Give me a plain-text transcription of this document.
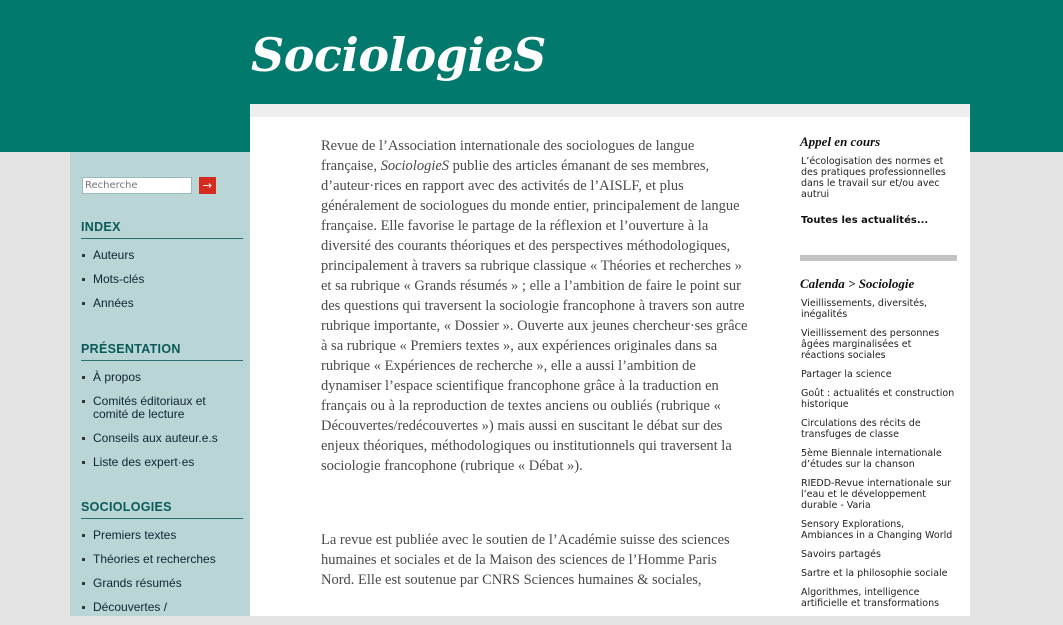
SociologieS
Recherche
→
INDEX
Auteurs
Mots-clés
Années
PRÉSENTATION
À propos
Comités éditoriaux et comité de lecture
Conseils aux auteur.e.s
Liste des expert·es
SOCIOLOGIES
Premiers textes
Théories et recherches
Grands résumés
Découvertes /

Revue de l’Association internationale des sociologues de langue française, SociologieS publie des articles émanant de ses membres, d’auteur·rices en rapport avec des activités de l’AISLF, et plus généralement de sociologues du monde entier, principalement de langue française. Elle favorise le partage de la réflexion et l’ouverture à la diversité des courants théoriques et des perspectives méthodologiques, principalement à travers sa rubrique classique « Théories et recherches » et sa rubrique « Grands résumés » ; elle a l’ambition de faire le point sur des questions qui traversent la sociologie francophone à travers son autre rubrique importante, « Dossier ». Ouverte aux jeunes chercheur·ses grâce à sa rubrique « Premiers textes », aux expériences originales dans sa rubrique « Expériences de recherche », elle a aussi l’ambition de dynamiser l’espace scientifique francophone grâce à la traduction en français ou à la reproduction de textes anciens ou oubliés (rubrique « Découvertes/redécouvertes ») mais aussi en suscitant le débat sur des enjeux théoriques, méthodologiques ou institutionnels qui traversent la sociologie francophone (rubrique « Débat »).

La revue est publiée avec le soutien de l’Académie suisse des sciences humaines et sociales et de la Maison des sciences de l’Homme Paris Nord. Elle est soutenue par CNRS Sciences humaines & sociales,

Appel en cours

L’écologisation des normes et des pratiques professionnelles dans le travail sur et/ou avec autrui

Toutes les actualités...
Calenda > Sociologie
Vieillissements, diversités, inégalités
Vieillissement des personnes âgées marginalisées et réactions sociales
Partager la science
Goût : actualités et construction historique
Circulations des récits de transfuges de classe
5ème Biennale internationale d’études sur la chanson
RIEDD-Revue internationale sur l’eau et le développement durable - Varia
Sensory Explorations, Ambiances in a Changing World
Savoirs partagés
Sartre et la philosophie sociale
Algorithmes, intelligence artificielle et transformations
